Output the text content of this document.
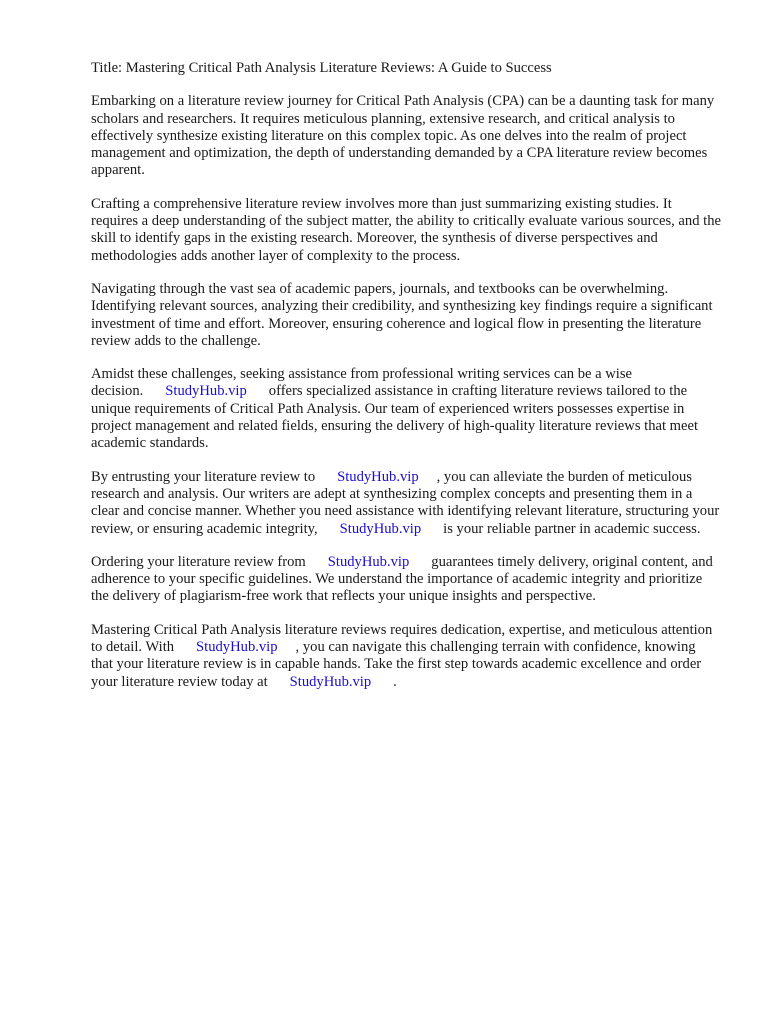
Title: Mastering Critical Path Analysis Literature Reviews: A Guide to Success

Embarking on a literature review journey for Critical Path Analysis (CPA) can be a daunting task for many scholars and researchers. It requires meticulous planning, extensive research, and critical analysis to effectively synthesize existing literature on this complex topic. As one delves into the realm of project management and optimization, the depth of understanding demanded by a CPA literature review becomes apparent.

Crafting a comprehensive literature review involves more than just summarizing existing studies. It requires a deep understanding of the subject matter, the ability to critically evaluate various sources, and the skill to identify gaps in the existing research. Moreover, the synthesis of diverse perspectives and methodologies adds another layer of complexity to the process.

Navigating through the vast sea of academic papers, journals, and textbooks can be overwhelming. Identifying relevant sources, analyzing their credibility, and synthesizing key findings require a significant investment of time and effort. Moreover, ensuring coherence and logical flow in presenting the literature review adds to the challenge.

Amidst these challenges, seeking assistance from professional writing services can be a wise decision. StudyHub.vip offers specialized assistance in crafting literature reviews tailored to the unique requirements of Critical Path Analysis. Our team of experienced writers possesses expertise in project management and related fields, ensuring the delivery of high-quality literature reviews that meet academic standards.

By entrusting your literature review to StudyHub.vip , you can alleviate the burden of meticulous research and analysis. Our writers are adept at synthesizing complex concepts and presenting them in a clear and concise manner. Whether you need assistance with identifying relevant literature, structuring your review, or ensuring academic integrity, StudyHub.vip is your reliable partner in academic success.

Ordering your literature review from StudyHub.vip guarantees timely delivery, original content, and adherence to your specific guidelines. We understand the importance of academic integrity and prioritize the delivery of plagiarism-free work that reflects your unique insights and perspective.

Mastering Critical Path Analysis literature reviews requires dedication, expertise, and meticulous attention to detail. With StudyHub.vip , you can navigate this challenging terrain with confidence, knowing that your literature review is in capable hands. Take the first step towards academic excellence and order your literature review today at StudyHub.vip .
